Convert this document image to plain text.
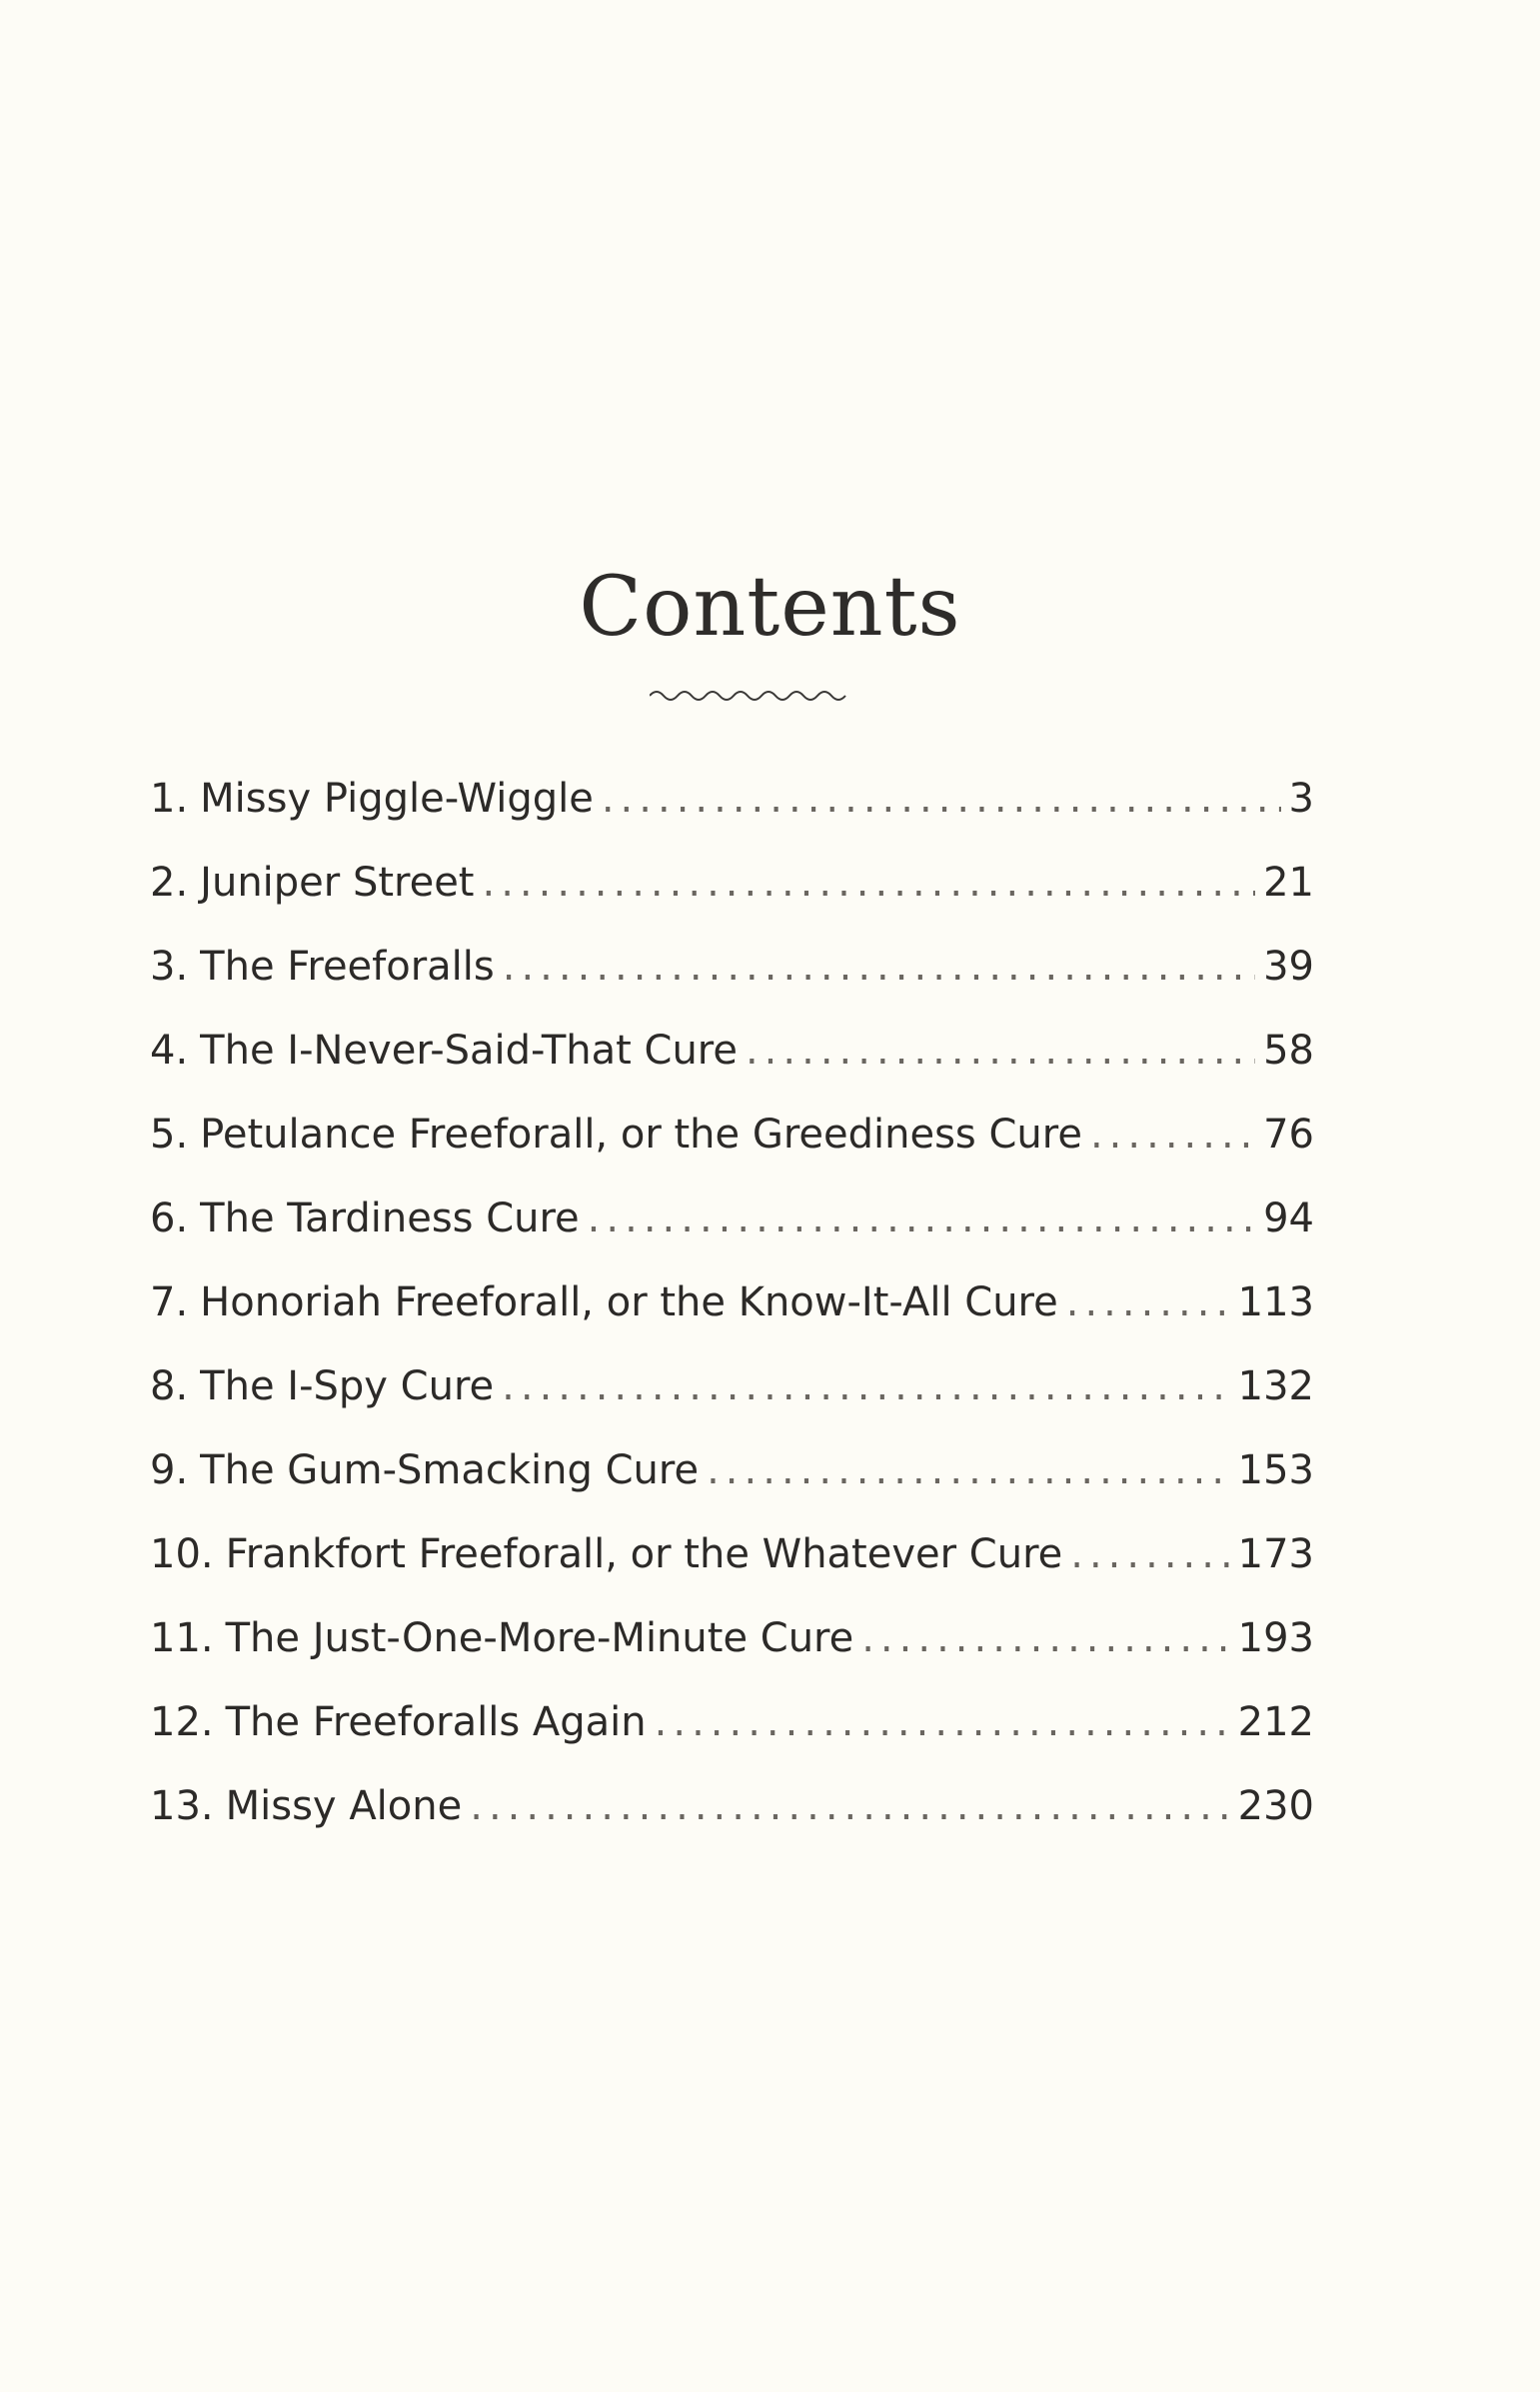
Contents
1. Missy Piggle-Wiggle .....	3
2. Juniper Street .....	21
3. The Freeforalls .....	39
4. The I-Never-Said-That Cure .....	58
5. Petulance Freeforall, or the Greediness Cure .....	76
6. The Tardiness Cure .....	94
7. Honoriah Freeforall, or the Know-It-All Cure .....	113
8. The I-Spy Cure .....	132
9. The Gum-Smacking Cure .....	153
10. Frankfort Freeforall, or the Whatever Cure .....	173
11. The Just-One-More-Minute Cure .....	193
12. The Freeforalls Again .....	212
13. Missy Alone .....	230
